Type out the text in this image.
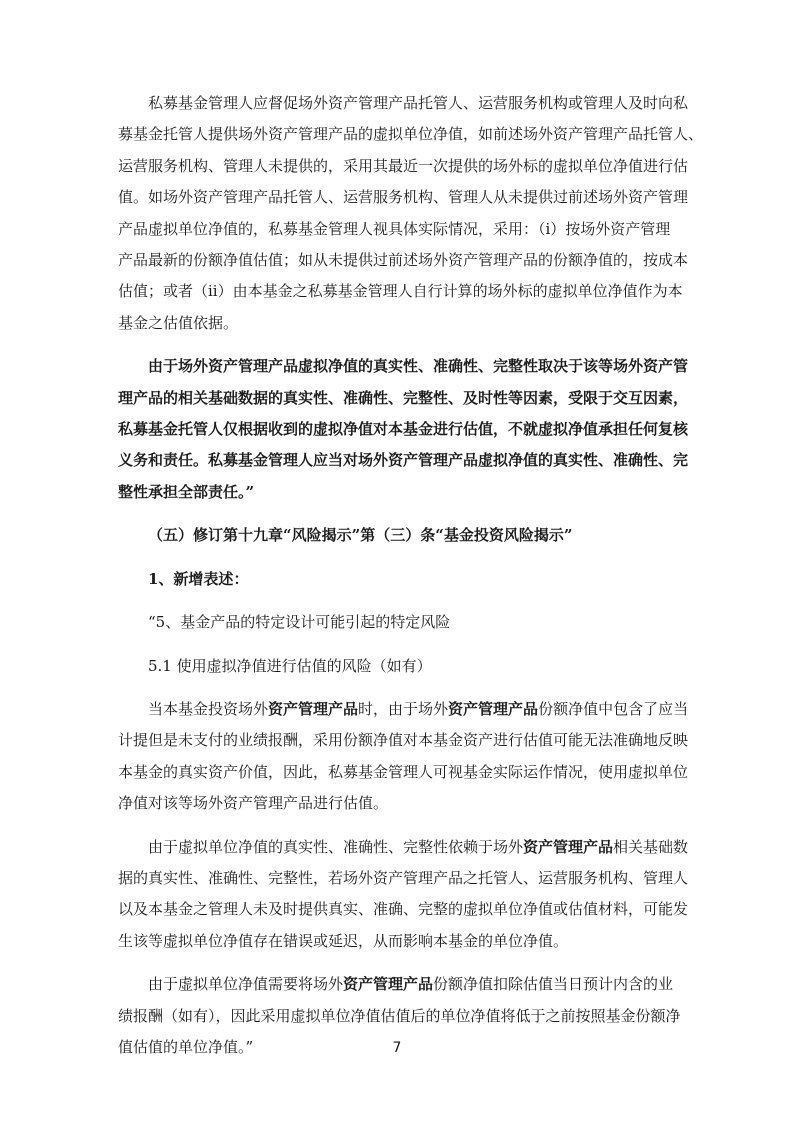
私募基金管理人应督促场外资产管理产品托管人、运营服务机构或管理人及时向私
募基金托管人提供场外资产管理产品的虚拟单位净值，如前述场外资产管理产品托管人、
运营服务机构、管理人未提供的，采用其最近一次提供的场外标的虚拟单位净值进行估
值。如场外资产管理产品托管人、运营服务机构、管理人从未提供过前述场外资产管理
产品虚拟单位净值的，私募基金管理人视具体实际情况，采用：（i）按场外资产管理
产品最新的份额净值估值；如从未提供过前述场外资产管理产品的份额净值的，按成本
估值；或者（ii）由本基金之私募基金管理人自行计算的场外标的虚拟单位净值作为本
基金之估值依据。
由于场外资产管理产品虚拟净值的真实性、准确性、完整性取决于该等场外资产管
理产品的相关基础数据的真实性、准确性、完整性、及时性等因素，受限于交互因素，
私募基金托管人仅根据收到的虚拟净值对本基金进行估值，不就虚拟净值承担任何复核
义务和责任。私募基金管理人应当对场外资产管理产品虚拟净值的真实性、准确性、完
整性承担全部责任。”
（五）修订第十九章“风险揭示”第（三）条“基金投资风险揭示”
1、新增表述：
“5、基金产品的特定设计可能引起的特定风险
5.1 使用虚拟净值进行估值的风险（如有）
当本基金投资场外资产管理产品时，由于场外资产管理产品份额净值中包含了应当
计提但是未支付的业绩报酬，采用份额净值对本基金资产进行估值可能无法准确地反映
本基金的真实资产价值，因此，私募基金管理人可视基金实际运作情况，使用虚拟单位
净值对该等场外资产管理产品进行估值。
由于虚拟单位净值的真实性、准确性、完整性依赖于场外资产管理产品相关基础数
据的真实性、准确性、完整性，若场外资产管理产品之托管人、运营服务机构、管理人
以及本基金之管理人未及时提供真实、准确、完整的虚拟单位净值或估值材料，可能发
生该等虚拟单位净值存在错误或延迟，从而影响本基金的单位净值。
由于虚拟单位净值需要将场外资产管理产品份额净值扣除估值当日预计内含的业
绩报酬（如有），因此采用虚拟单位净值估值后的单位净值将低于之前按照基金份额净
值估值的单位净值。”	7
